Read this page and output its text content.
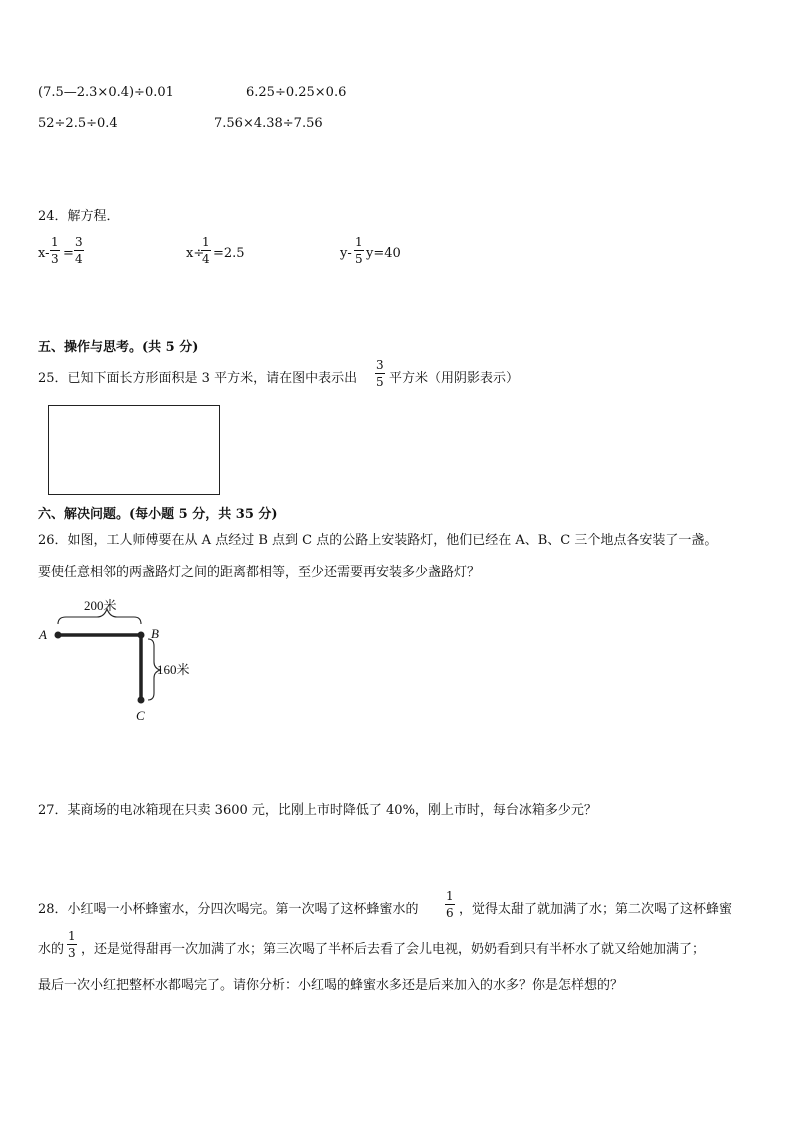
(7.5—2.3×0.4)÷0.01	6.25÷0.25×0.6
52÷2.5÷0.4	7.56×4.38÷7.56
24．解方程．
$x- \frac{1}{3} = \frac{3}{4}$	x÷
$\frac{1}{4} =2.5$	$y- \frac{1}{5} y=40$
五、操作与思考。(共 5 分)
25．已知下面长方形面积是 3 平方米，请在图中表示出 $\frac{3}{5}$ 平方米（用阴影表示）
六、解决问题。(每小题 5 分，共 35 分)
26．如图，工人师傅要在从 A 点经过 B 点到 C 点的公路上安装路灯，他们已经在 A、B、C 三个地点各安装了一盏。
要使任意相邻的两盏路灯之间的距离都相等，至少还需要再安装多少盏路灯？
A	B
C
200米
160米
27．某商场的电冰箱现在只卖 3600 元，比刚上市时降低了 40%，刚上市时，每台冰箱多少元？
28．小红喝一小杯蜂蜜水，分四次喝完。第一次喝了这杯蜂蜜水的 $\frac{1}{6}$ ，觉得太甜了就加满了水；第二次喝了这杯蜂蜜
水的 $\frac{1}{3}$ ，还是觉得甜再一次加满了水；第三次喝了半杯后去看了会儿电视，奶奶看到只有半杯水了就又给她加满了；
最后一次小红把整杯水都喝完了。请你分析：小红喝的蜂蜜水多还是后来加入的水多？你是怎样想的？
